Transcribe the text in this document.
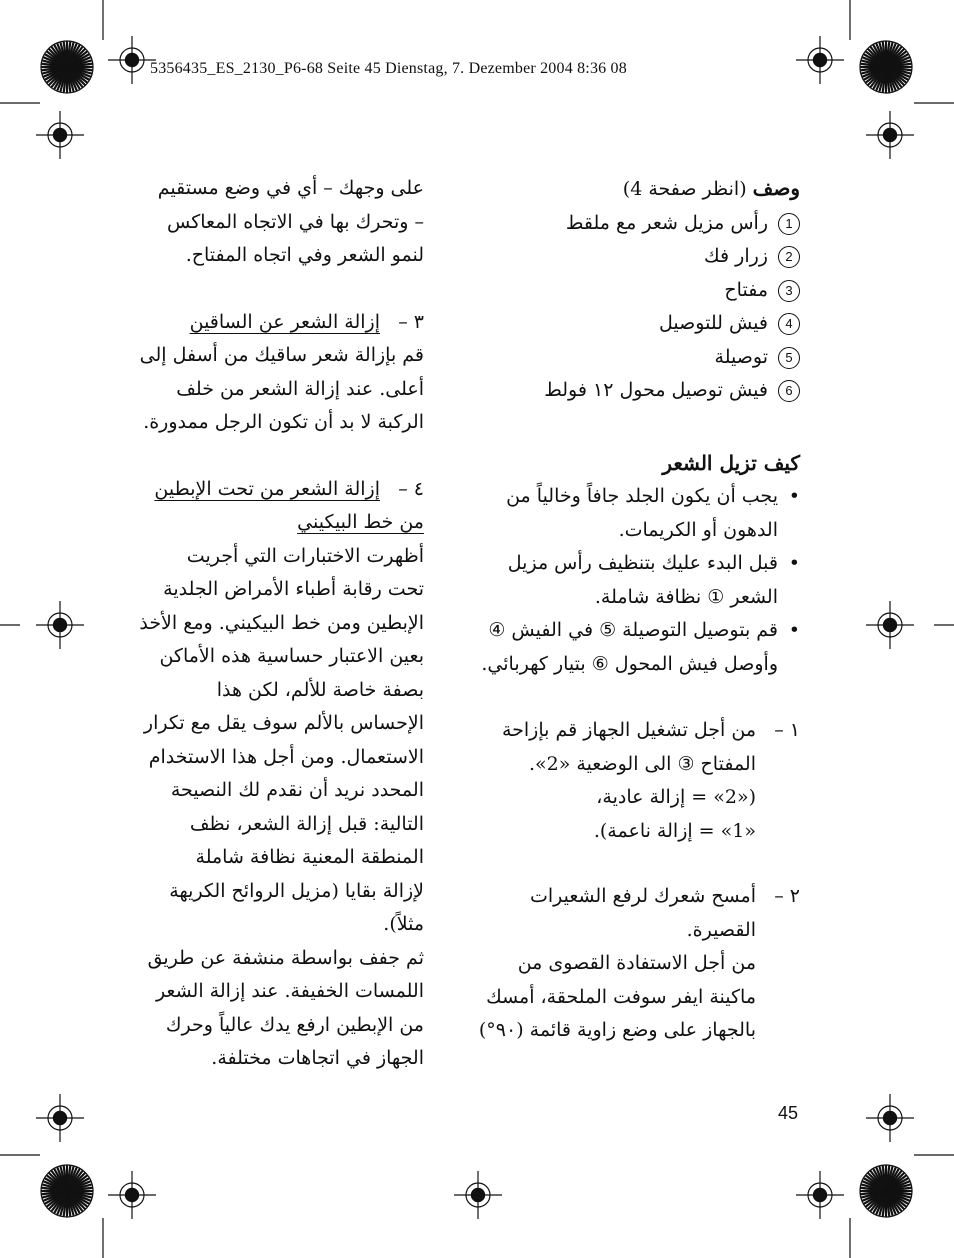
5356435_ES_2130_P6-68 Seite 45 Dienstag, 7. Dezember 2004 8:36 08
وصف (انظر صفحة 4)
1رأس مزيل شعر مع ملقط
2زرار فك
3مفتاح
4فيش للتوصيل
5توصيلة
6فيش توصيل محول ١٢ فولط
كيف تزيل الشعر
• يجب أن يكون الجلد جافاً وخالياً من الدهون أو الكريمات.
• قبل البدء عليك بتنظيف رأس مزيل الشعر ① نظافة شاملة.
• قم بتوصيل التوصيلة ⑤ في الفيش ④ وأوصل فيش المحول ⑥ بتيار كهربائي.
١ –
من أجل تشغيل الجهاز قم بإزاحة
المفتاح ③ الى الوضعية «2».
(«2» = إزالة عادية،
«1» = إزالة ناعمة).
٢ –
أمسح شعرك لرفع الشعيرات القصيرة.
من أجل الاستفادة القصوى من
ماكينة ايفر سوفت الملحقة، أمسك
بالجهاز على وضع زاوية قائمة (٩٠°)
على وجهك – أي في وضع مستقيم
– وتحرك بها في الاتجاه المعاكس
لنمو الشعر وفي اتجاه المفتاح.
٣ –
إزالة الشعر عن الساقين
قم بإزالة شعر ساقيك من أسفل إلى
أعلى. عند إزالة الشعر من خلف
الركبة لا بد أن تكون الرجل ممدورة.
٤ –
إزالة الشعر من تحت الإبطين
من خط البيكيني
أظهرت الاختبارات التي أجريت
تحت رقابة أطباء الأمراض الجلدية
الإبطين ومن خط البيكيني. ومع الأخذ
بعين الاعتبار حساسية هذه الأماكن
بصفة خاصة للألم، لكن هذا
الإحساس بالألم سوف يقل مع تكرار
الاستعمال. ومن أجل هذا الاستخدام
المحدد نريد أن نقدم لك النصيحة
التالية: قبل إزالة الشعر، نظف
المنطقة المعنية نظافة شاملة
لإزالة بقايا (مزيل الروائح الكريهة
مثلاً).
ثم جفف بواسطة منشفة عن طريق
اللمسات الخفيفة. عند إزالة الشعر
من الإبطين ارفع يدك عالياً وحرك
الجهاز في اتجاهات مختلفة.
45
